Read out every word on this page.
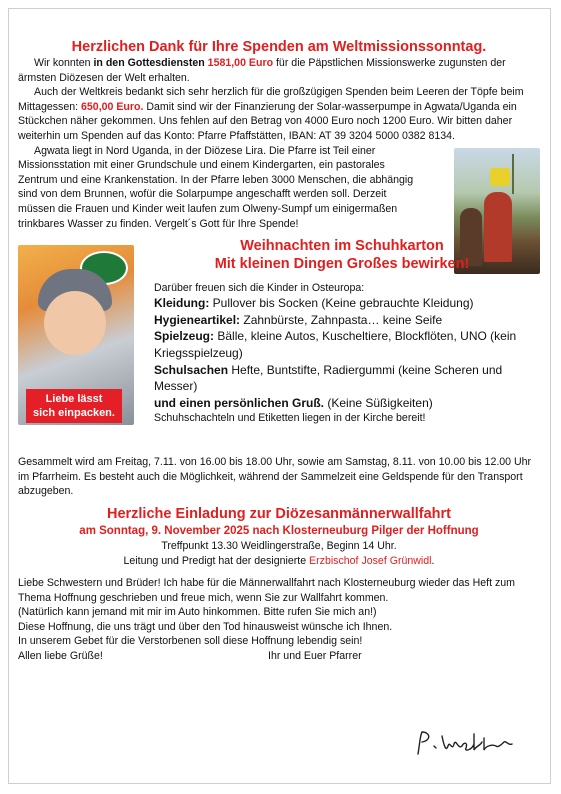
Herzlichen Dank für Ihre Spenden am Weltmissionssonntag.

Wir konnten in den Gottesdiensten 1581,00 Euro für die Päpstlichen Missionswerke zugunsten der ärmsten Diözesen der Welt erhalten.

Auch der Weltkreis bedankt sich sehr herzlich für die großzügigen Spenden beim Leeren der Töpfe beim Mittagessen: 650,00 Euro. Damit sind wir der Finanzierung der Solar-wasserpumpe in Agwata/Uganda ein Stückchen näher gekommen. Uns fehlen auf den Betrag von 4000 Euro noch 1200 Euro. Wir bitten daher weiterhin um Spenden auf das Konto: Pfarre Pfaffstätten, IBAN: AT 39 3204 5000 0382 8134.

Agwata liegt in Nord Uganda, in der Diözese Lira. Die Pfarre ist Teil einer Missionsstation mit einer Grundschule und einem Kindergarten, ein pastorales Zentrum und eine Krankenstation. In der Pfarre leben 3000 Menschen, die abhängig sind von dem Brunnen, wofür die Solarpumpe angeschafft werden soll. Derzeit müssen die Frauen und Kinder weit laufen zum Olweny-Sumpf um einigermaßen trinkbares Wasser zu finden. Vergelt´s Gott für Ihre Spende!

Liebe lässt
sich einpacken.
Weihnachten im Schuhkarton
Mit kleinen Dingen Großes bewirken!

Darüber freuen sich die Kinder in Osteuropa:

Kleidung: Pullover bis Socken (Keine gebrauchte Kleidung)

Hygieneartikel: Zahnbürste, Zahnpasta… keine Seife

Spielzeug: Bälle, kleine Autos, Kuscheltiere, Blockflöten, UNO (kein Kriegsspielzeug)

Schulsachen Hefte, Buntstifte, Radiergummi (keine Scheren und Messer)

und einen persönlichen Gruß. (Keine Süßigkeiten)

Schuhschachteln und Etiketten liegen in der Kirche bereit!

Gesammelt wird am Freitag, 7.11. von 16.00 bis 18.00 Uhr, sowie am Samstag, 8.11. von 10.00 bis 12.00 Uhr im Pfarrheim. Es besteht auch die Möglichkeit, während der Sammelzeit eine Geldspende für den Transport abzugeben.

Herzliche Einladung zur Diözesanmännerwallfahrt
am Sonntag, 9. November 2025 nach Klosterneuburg Pilger der Hoffnung

Treffpunkt 13.30 Weidlingerstraße, Beginn 14 Uhr.

Leitung und Predigt hat der designierte Erzbischof Josef Grünwidl.

Liebe Schwestern und Brüder! Ich habe für die Männerwallfahrt nach Klosterneuburg wieder das Heft zum Thema Hoffnung geschrieben und freue mich, wenn Sie zur Wallfahrt kommen.

(Natürlich kann jemand mit mir im Auto hinkommen. Bitte rufen Sie mich an!)

Diese Hoffnung, die uns trägt und über den Tod hinausweist wünsche ich Ihnen.

In unserem Gebet für die Verstorbenen soll diese Hoffnung lebendig sein!

Allen liebe Grüße!	Ihr und Euer Pfarrer
